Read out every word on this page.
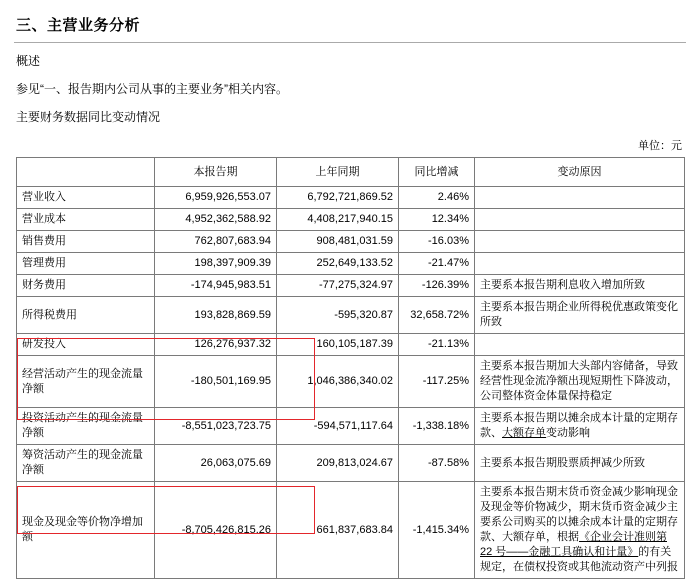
三、主营业务分析
概述
参见“一、报告期内公司从事的主要业务”相关内容。
主要财务数据同比变动情况
单位：元
	本报告期	上年同期	同比增减	变动原因
营业收入	6,959,926,553.07	6,792,721,869.52	2.46%	
营业成本	4,952,362,588.92	4,408,217,940.15	12.34%	
销售费用	762,807,683.94	908,481,031.59	-16.03%	
管理费用	198,397,909.39	252,649,133.52	-21.47%	
财务费用	-174,945,983.51	-77,275,324.97	-126.39%	主要系本报告期利息收入增加所致
所得税费用	193,828,869.59	-595,320.87	32,658.72%	主要系本报告期企业所得税优惠政策变化所致
研发投入	126,276,937.32	160,105,187.39	-21.13%	
经营活动产生的现金流量净额	-180,501,169.95	1,046,386,340.02	-117.25%	主要系本报告期加大头部内容储备，导致经营性现金流净额出现短期性下降波动，公司整体资金体量保持稳定
投资活动产生的现金流量净额	-8,551,023,723.75	-594,571,117.64	-1,338.18%	主要系本报告期以摊余成本计量的定期存款、大额存单变动影响
筹资活动产生的现金流量净额	26,063,075.69	209,813,024.67	-87.58%	主要系本报告期股票质押减少所致
现金及现金等价物净增加额	-8,705,426,815.26	661,837,683.84	-1,415.34%	主要系本报告期末货币资金减少影响现金及现金等价物减少，期末货币资金减少主要系公司购买的以摊余成本计量的定期存款、大额存单，根据《企业会计准则第 22 号——金融工具确认和计量》的有关规定，在债权投资或其他流动资产中列报
